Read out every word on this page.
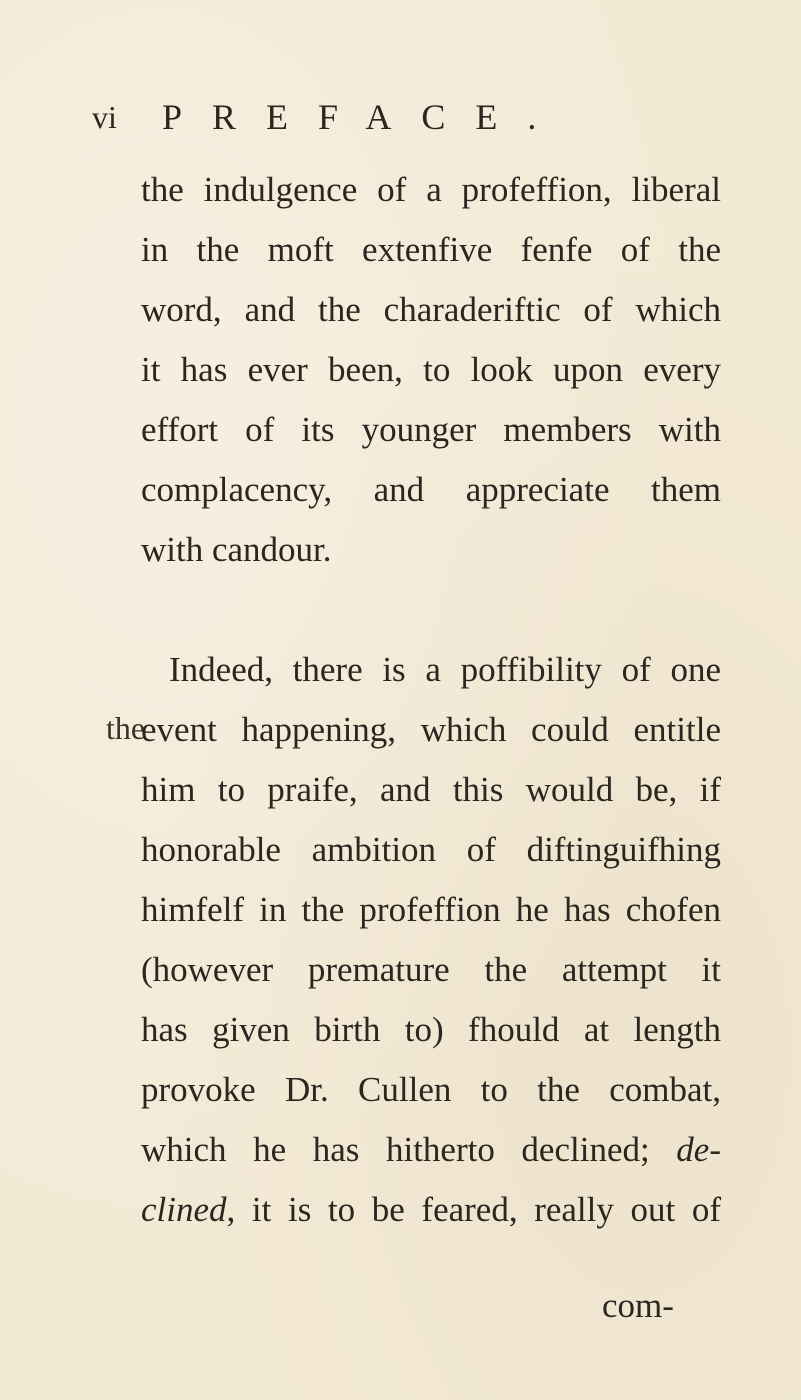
vi PREFACE.
the
the indulgence of a profeffion, liberal
in the moft extenfive fenfe of the
word, and the charaderiftic of which
it has ever been, to look upon every
effort of its younger members with
complacency, and appreciate them
with candour.
Indeed, there is a poffibility of one
event happening, which could entitle
him to praife, and this would be, if
honorable ambition of diftinguifhing
himfelf in the profeffion he has chofen
(however premature the attempt it
has given birth to) fhould at length
provoke Dr. Cullen to the combat,
which he has hitherto declined; de-
clined, it is to be feared, really out of
com-
